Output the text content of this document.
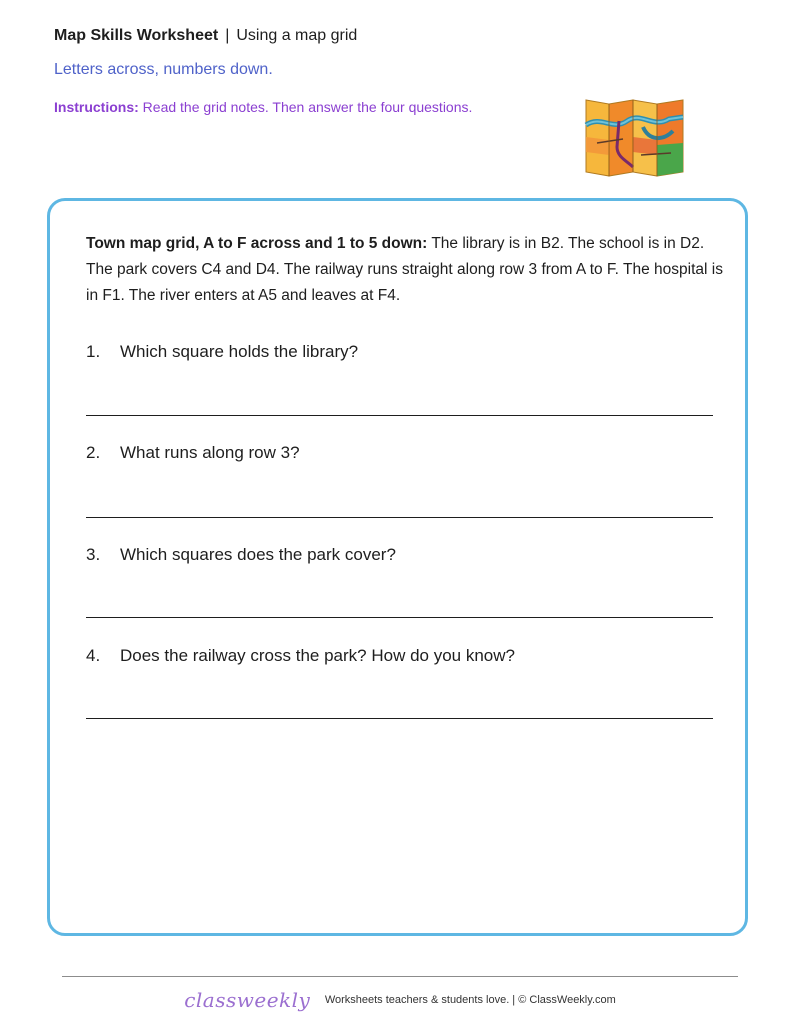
Map Skills Worksheet | Using a map grid
Letters across, numbers down.
Instructions: Read the grid notes. Then answer the four questions.
Town map grid, A to F across and 1 to 5 down: The library is in B2. The school is in D2. The park covers C4 and D4. The railway runs straight along row 3 from A to F. The hospital is in F1. The river enters at A5 and leaves at F4.
1. Which square holds the library?
2. What runs along row 3?
3. Which squares does the park cover?
4. Does the railway cross the park? How do you know?
classweekly Worksheets teachers & students love. | © ClassWeekly.com
